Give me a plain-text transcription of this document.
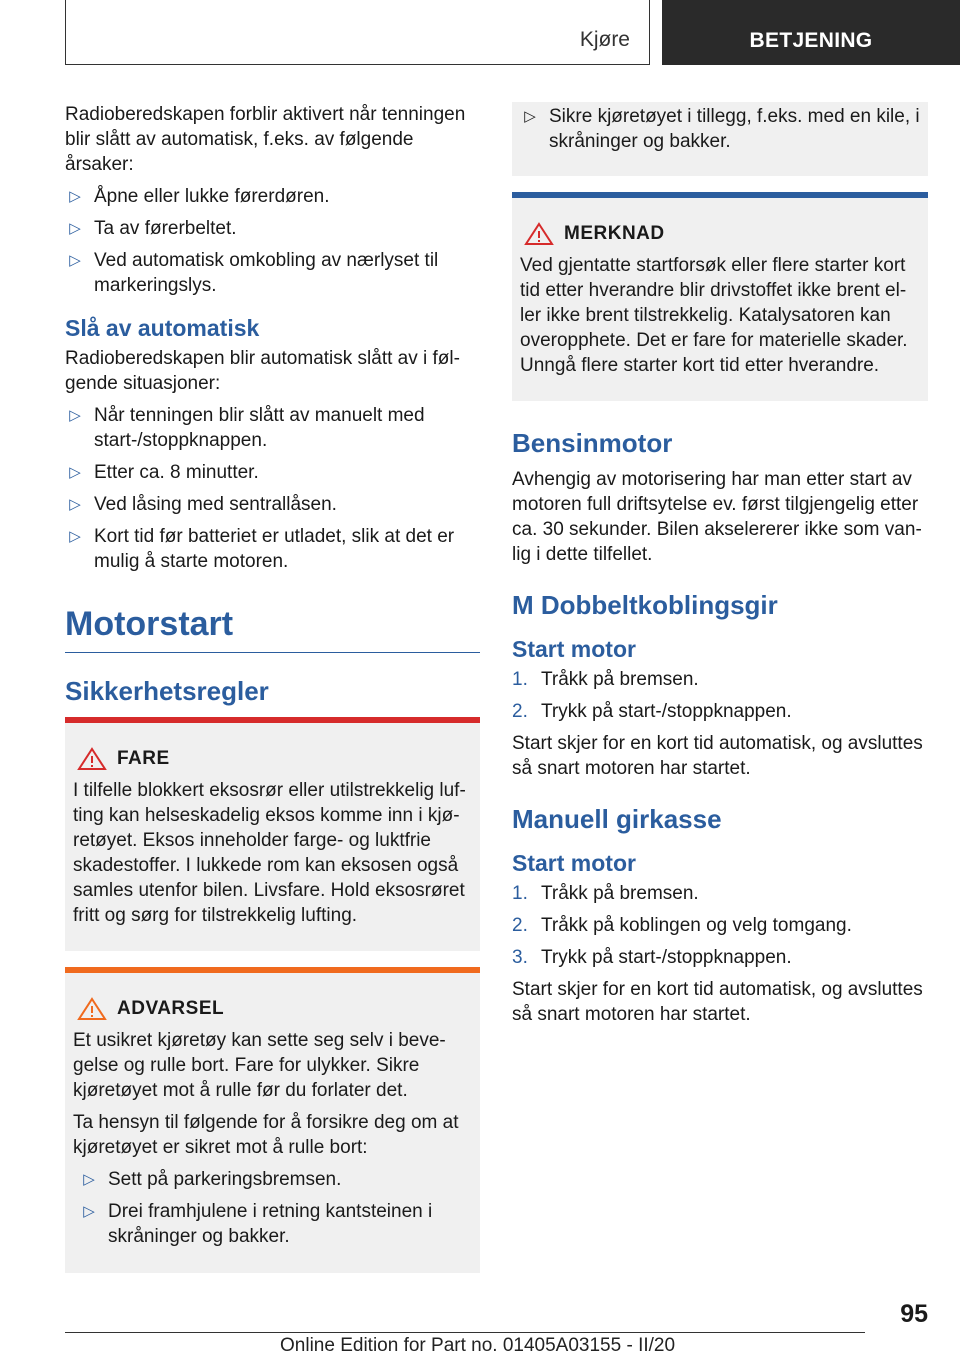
Kjøre	BETJENING

Radioberedskapen forblir aktivert når tenningen blir slått av automatisk, f.eks. av følgende årsaker:

▷ Åpne eller lukke førerdøren.
▷ Ta av førerbeltet.
▷ Ved automatisk omkobling av nærlyset til markeringslys.
Slå av automatisk

Radioberedskapen blir automatisk slått av i følgende situasjoner:

▷ Når tenningen blir slått av manuelt med start-/stoppknappen.
▷ Etter ca. 8 minutter.
▷ Ved låsing med sentrallåsen.
▷ Kort tid før batteriet er utladet, slik at det er mulig å starte motoren.
Motorstart
Sikkerhetsregler
FARE

I tilfelle blokkert eksosrør eller utilstrekkelig lufting kan helseskadelig eksos komme inn i kjøretøyet. Eksos inneholder farge- og luktfrie skadestoffer. I lukkede rom kan eksosen også samles utenfor bilen. Livsfare. Hold eksosrøret fritt og sørg for tilstrekkelig lufting.

ADVARSEL

Et usikret kjøretøy kan sette seg selv i bevegelse og rulle bort. Fare for ulykker. Sikre kjøretøyet mot å rulle før du forlater det.

Ta hensyn til følgende for å forsikre deg om at kjøretøyet er sikret mot å rulle bort:

▷ Sett på parkeringsbremsen.
▷ Drei framhjulene i retning kantsteinen i skråninger og bakker.
▷ Sikre kjøretøyet i tillegg, f.eks. med en kile, i skråninger og bakker.
MERKNAD

Ved gjentatte startforsøk eller flere starter kort tid etter hverandre blir drivstoffet ikke brent eller ikke brent tilstrekkelig. Katalysatoren kan overopphete. Det er fare for materielle skader. Unngå flere starter kort tid etter hverandre.

Bensinmotor

Avhengig av motorisering har man etter start av motoren full driftsytelse ev. først tilgjengelig etter ca. 30 sekunder. Bilen akselererer ikke som vanlig i dette tilfellet.

M Dobbeltkoblingsgir
Start motor
1. Tråkk på bremsen.
2. Trykk på start-/stoppknappen.

Start skjer for en kort tid automatisk, og avsluttes så snart motoren har startet.

Manuell girkasse
Start motor
1. Tråkk på bremsen.
2. Tråkk på koblingen og velg tomgang.
3. Trykk på start-/stoppknappen.

Start skjer for en kort tid automatisk, og avsluttes så snart motoren har startet.

95
Online Edition for Part no. 01405A03155 - II/20
